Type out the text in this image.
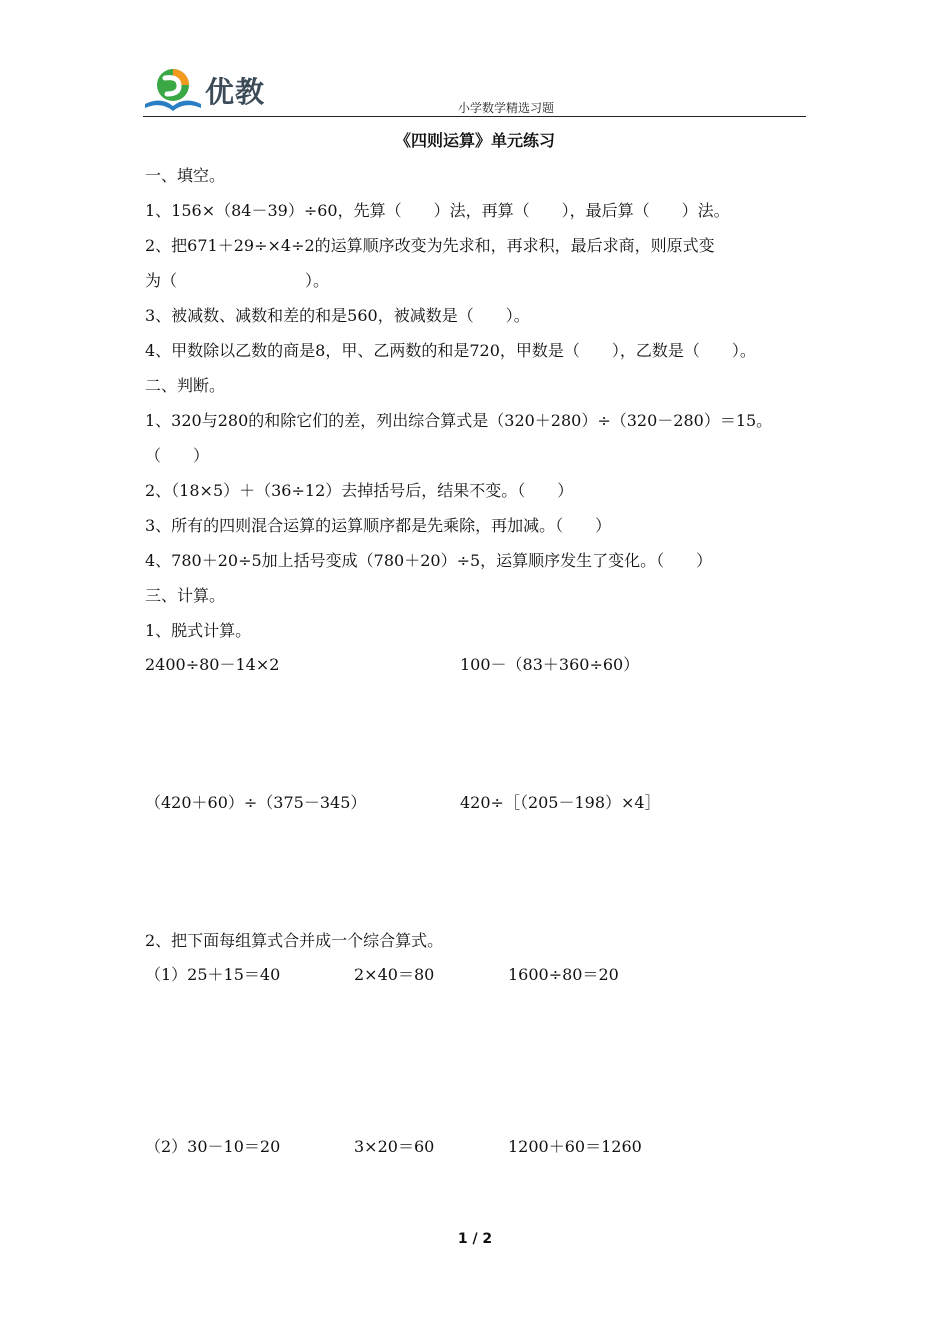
优教	小学数学精选习题
《四则运算》单元练习
一、填空。
1、156×（84－39）÷60，先算（　　）法，再算（　　），最后算（　　）法。
2、把671＋29÷×4÷2的运算顺序改变为先求和，再求积，最后求商，则原式变
为（　　　　　　　　）。
3、被减数、减数和差的和是560，被减数是（　　）。
4、甲数除以乙数的商是8，甲、乙两数的和是720，甲数是（　　），乙数是（　　）。
二、判断。
1、320与280的和除它们的差，列出综合算式是（320＋280）÷（320－280）＝15。
（　　）
2、（18×5）＋（36÷12）去掉括号后，结果不变。（　　）
3、所有的四则混合运算的运算顺序都是先乘除，再加减。（　　）
4、780＋20÷5加上括号变成（780＋20）÷5，运算顺序发生了变化。（　　）
三、计算。
1、脱式计算。
2400÷80－14×2	100－（83＋360÷60）
（420＋60）÷（375－345）	420÷［（205－198）×4］
2、把下面每组算式合并成一个综合算式。
（1）25＋15＝40	2×40＝80	1600÷80＝20
（2）30－10＝20	3×20＝60	1200＋60＝1260
1 / 2
